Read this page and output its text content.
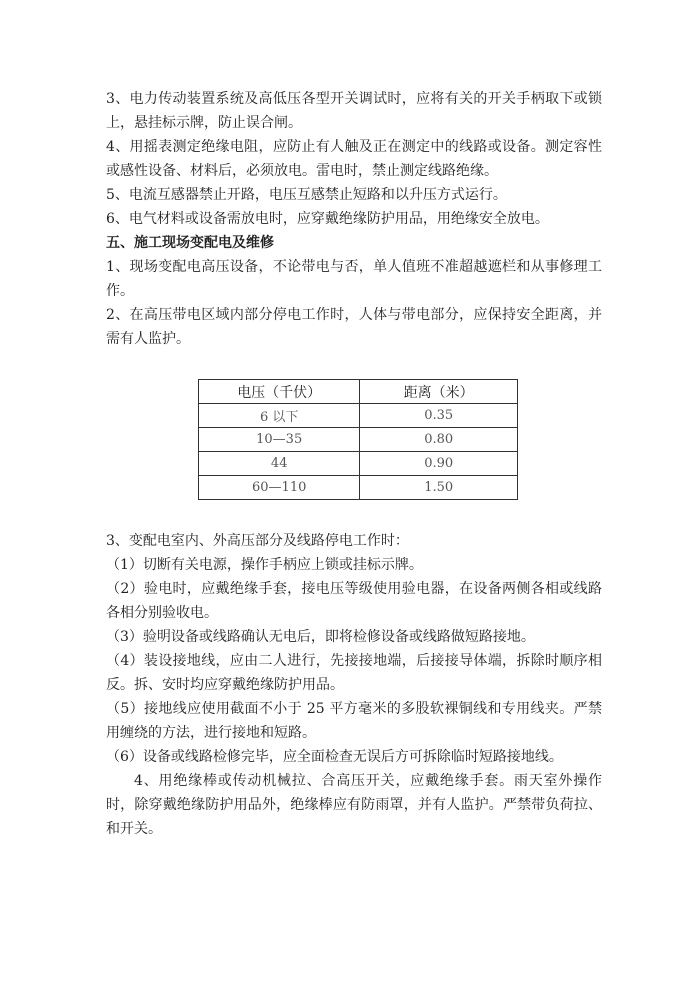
3、电力传动装置系统及高低压各型开关调试时，应将有关的开关手柄取下或锁上，悬挂标示牌，防止误合闸。

4、用摇表测定绝缘电阻，应防止有人触及正在测定中的线路或设备。测定容性或感性设备、材料后，必须放电。雷电时，禁止测定线路绝缘。

5、电流互感器禁止开路，电压互感禁止短路和以升压方式运行。

6、电气材料或设备需放电时，应穿戴绝缘防护用品，用绝缘安全放电。

五、施工现场变配电及维修

1、现场变配电高压设备，不论带电与否，单人值班不准超越遮栏和从事修理工作。

2、在高压带电区域内部分停电工作时，人体与带电部分，应保持安全距离，并需有人监护。

电压（千伏）	距离（米）
6 以下	0.35
10—35	0.80
44	0.90
60—110	1.50

3、变配电室内、外高压部分及线路停电工作时：

（1）切断有关电源，操作手柄应上锁或挂标示牌。

（2）验电时，应戴绝缘手套，接电压等级使用验电器，在设备两侧各相或线路各相分别验收电。

（3）验明设备或线路确认无电后，即将检修设备或线路做短路接地。

（4）装设接地线，应由二人进行，先接接地端，后接接导体端，拆除时顺序相反。拆、安时均应穿戴绝缘防护用品。

（5）接地线应使用截面不小于 25 平方毫米的多股软裸铜线和专用线夹。严禁用缠绕的方法，进行接地和短路。

（6）设备或线路检修完毕，应全面检查无误后方可拆除临时短路接地线。

4、用绝缘棒或传动机械拉、合高压开关，应戴绝缘手套。雨天室外操作时，除穿戴绝缘防护用品外，绝缘棒应有防雨罩，并有人监护。严禁带负荷拉、和开关。
